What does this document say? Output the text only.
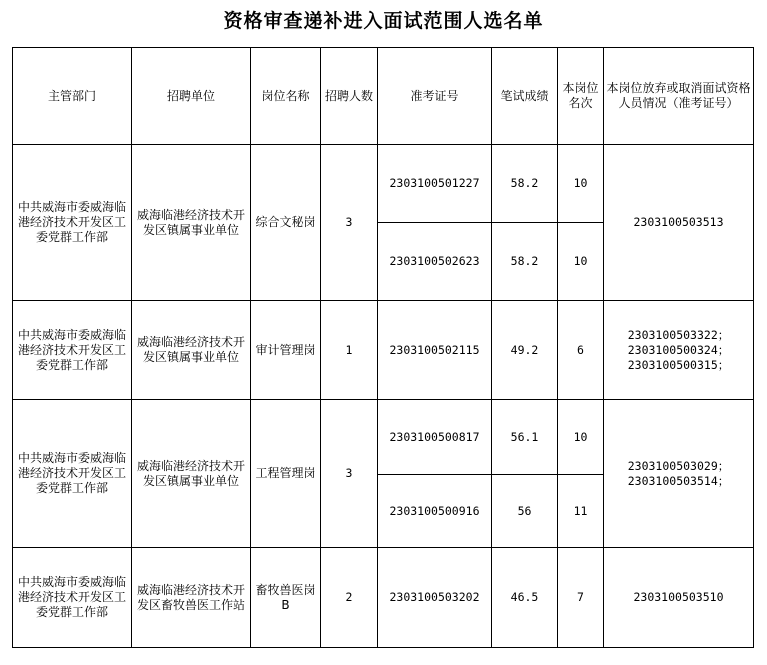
资格审查递补进入面试范围人选名单
主管部门	招聘单位	岗位名称	招聘人数	准考证号	笔试成绩	本岗位名次	本岗位放弃或取消面试资格人员情况（准考证号）
中共威海市委威海临港经济技术开发区工委党群工作部	威海临港经济技术开发区镇属事业单位	综合文秘岗	3	2303100501227	58.2	10	2303100503513
				2303100502623	58.2	10	
中共威海市委威海临港经济技术开发区工委党群工作部	威海临港经济技术开发区镇属事业单位	审计管理岗	1	2303100502115	49.2	6	2303100503322；
2303100500324；
2303100500315；
中共威海市委威海临港经济技术开发区工委党群工作部	威海临港经济技术开发区镇属事业单位	工程管理岗	3	2303100500817	56.1	10	2303100503029；
2303100503514；
				2303100500916	56	11	
中共威海市委威海临港经济技术开发区工委党群工作部	威海临港经济技术开发区畜牧兽医工作站	畜牧兽医岗B	2	2303100503202	46.5	7	2303100503510
